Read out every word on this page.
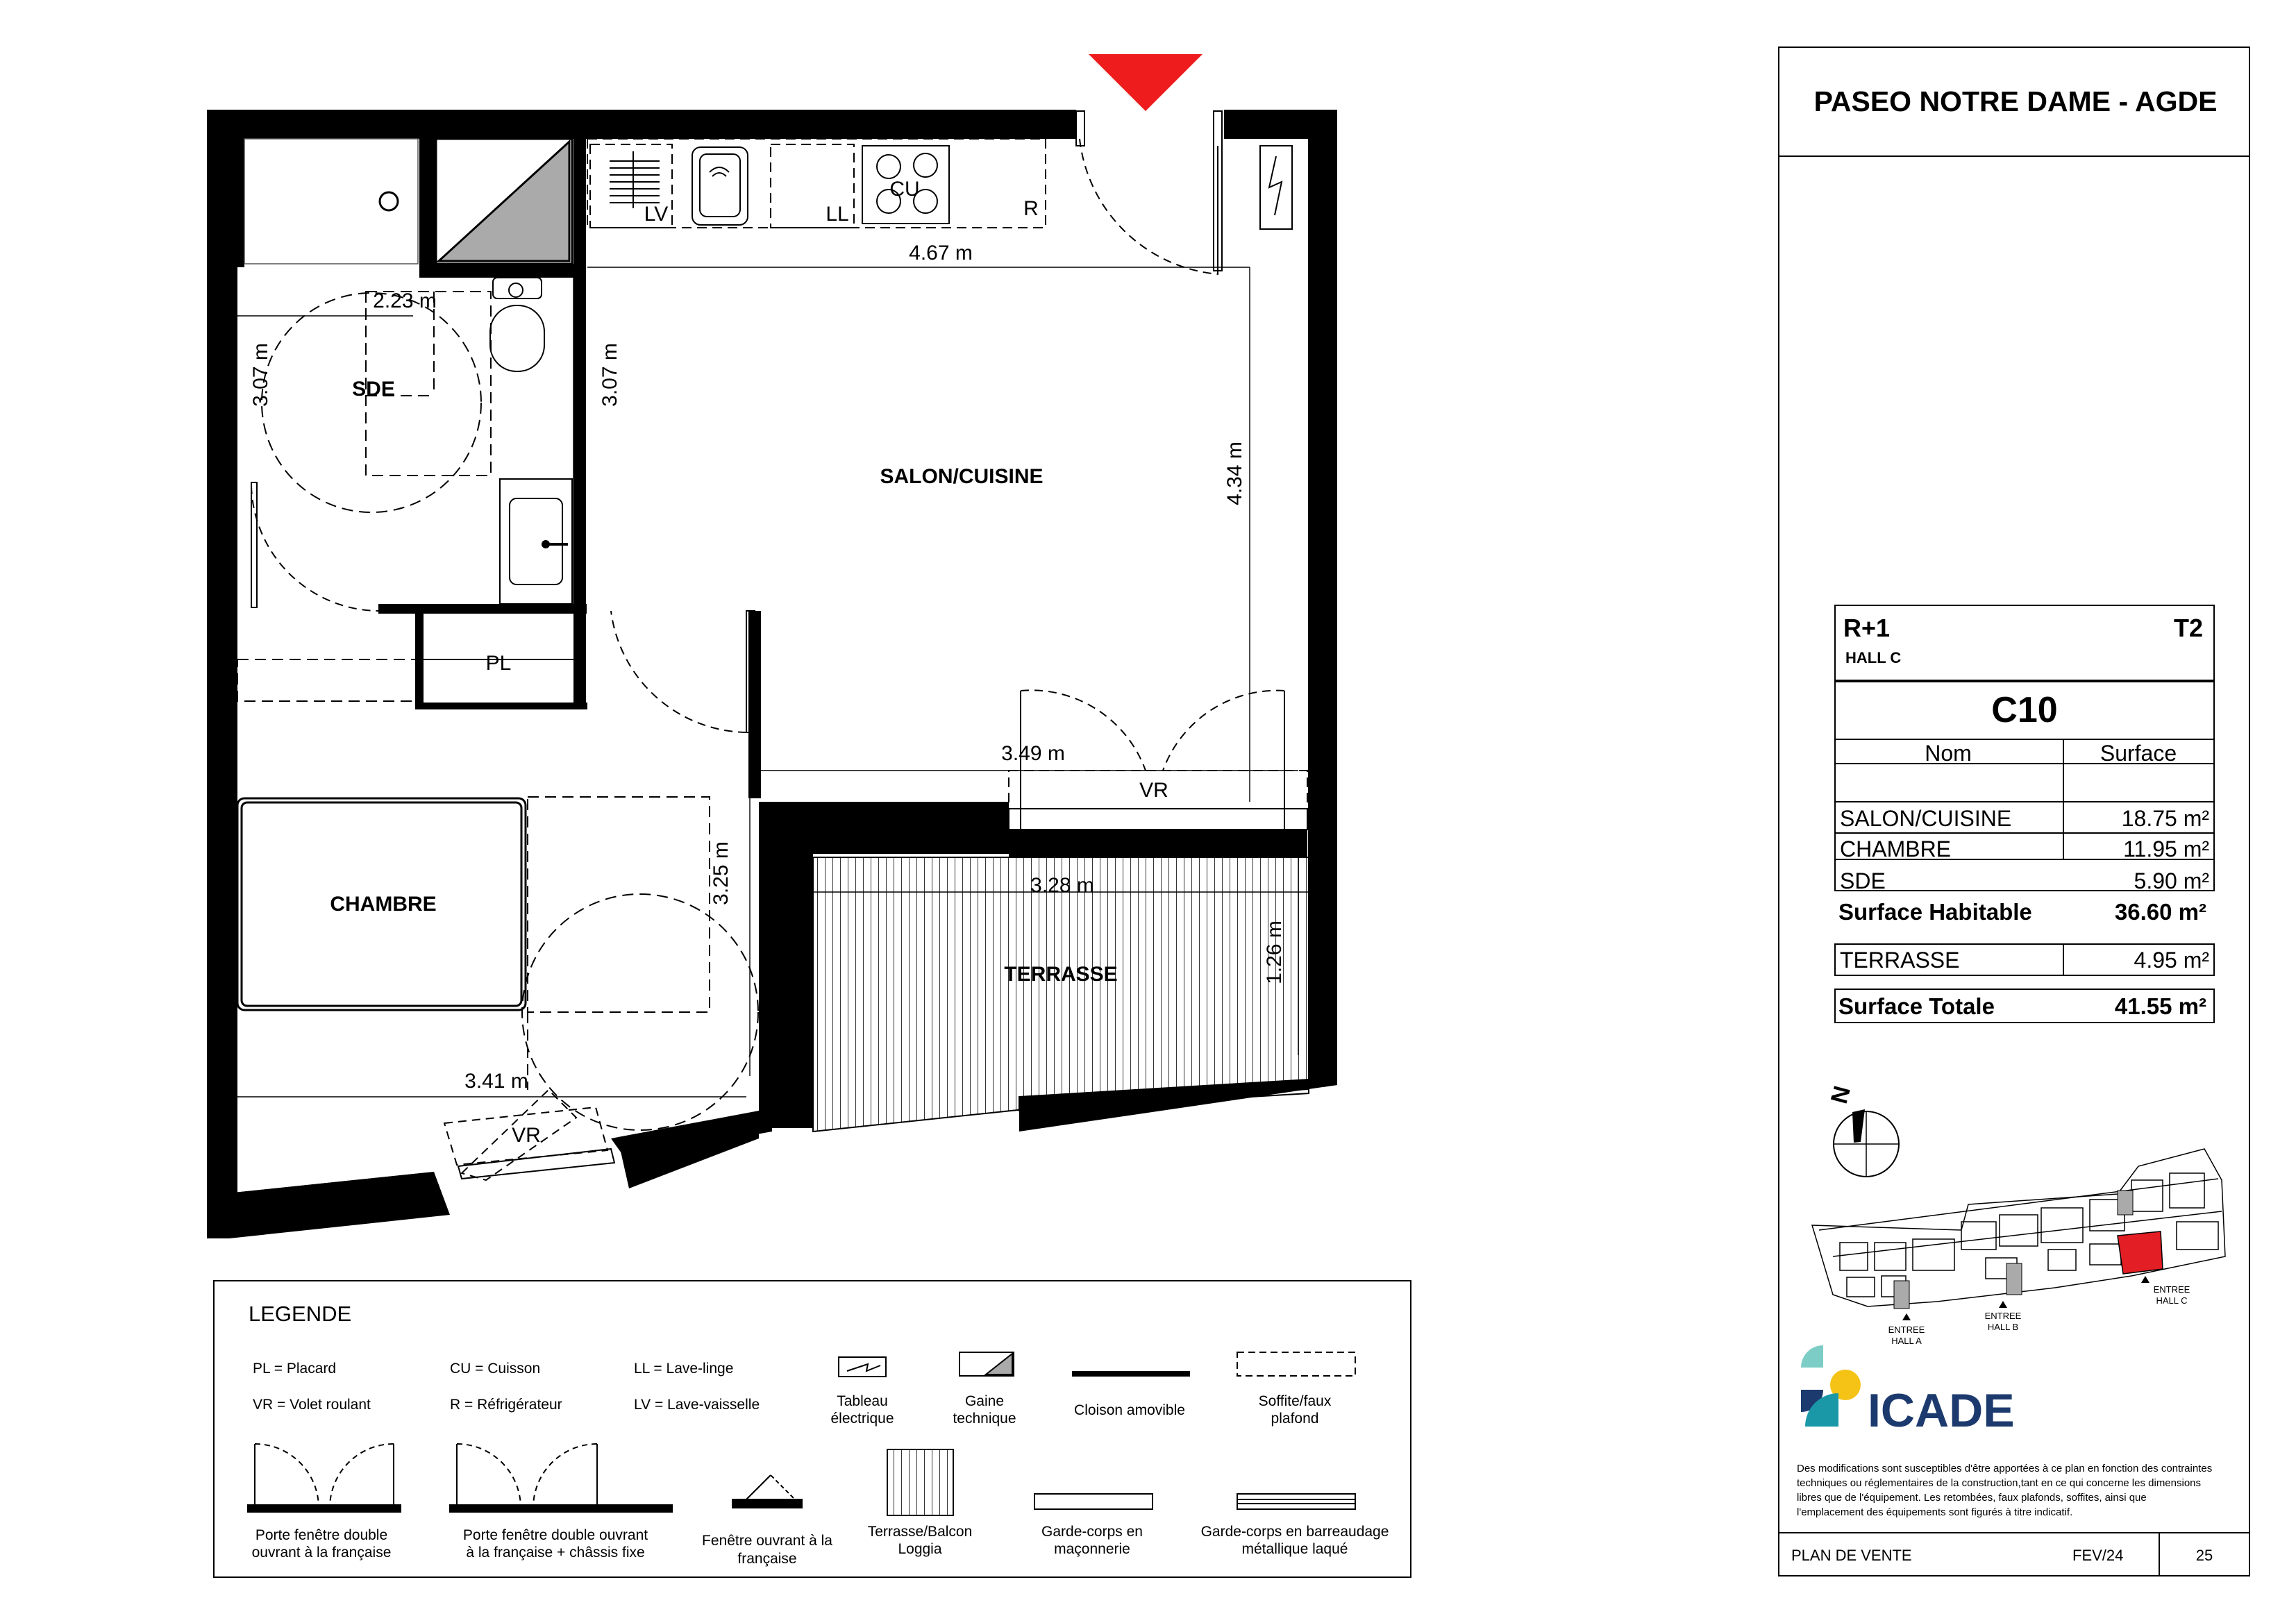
SALON/CUISINE
SDE
CHAMBRE
TERRASSE
4.67 m
2.23 m
3.07 m	3.07 m
4.34 m
3.49 m
3.25 m	3.28 m
1.26 m
3.41 m
LV	LL
CU
R
PL
VR
VR
LEGENDE
PL = Placard
VR = Volet roulant
CU = Cuisson
R = Réfrigérateur
LL = Lave-linge
LV = Lave-vaisselle	Tableau
électrique
Gaine
technique
Cloison amovible
Soffite/faux
plafond
Porte fenêtre double
ouvrant à la française
Porte fenêtre double ouvrant
à la française + châssis fixe
Fenêtre ouvrant à la
française
Terrasse/Balcon
Loggia
Garde-corps en
maçonnerie
Garde-corps en barreaudage
métallique laqué
PASEO NOTRE DAME - AGDE
R+1	T2
HALL C
C10
Nom	Surface
SALON/CUISINE	18.75 m²
CHAMBRE	11.95 m²
SDE	5.90 m²
Surface Habitable	36.60 m²
TERRASSE	4.95 m²
Surface Totale	41.55 m²
N
ENTREE
HALL A
ENTREE
HALL B
ENTREE
HALL C
ICADE
PLAN DE VENTE	FEV/24	25
Des modifications sont susceptibles d'être apportées à ce plan en fonction des contraintes techniques ou réglementaires de la construction,tant en ce qui concerne les dimensions libres que de l'équipement. Les retombées, faux plafonds, soffites, ainsi que l'emplacement des équipements sont figurés à titre indicatif.
